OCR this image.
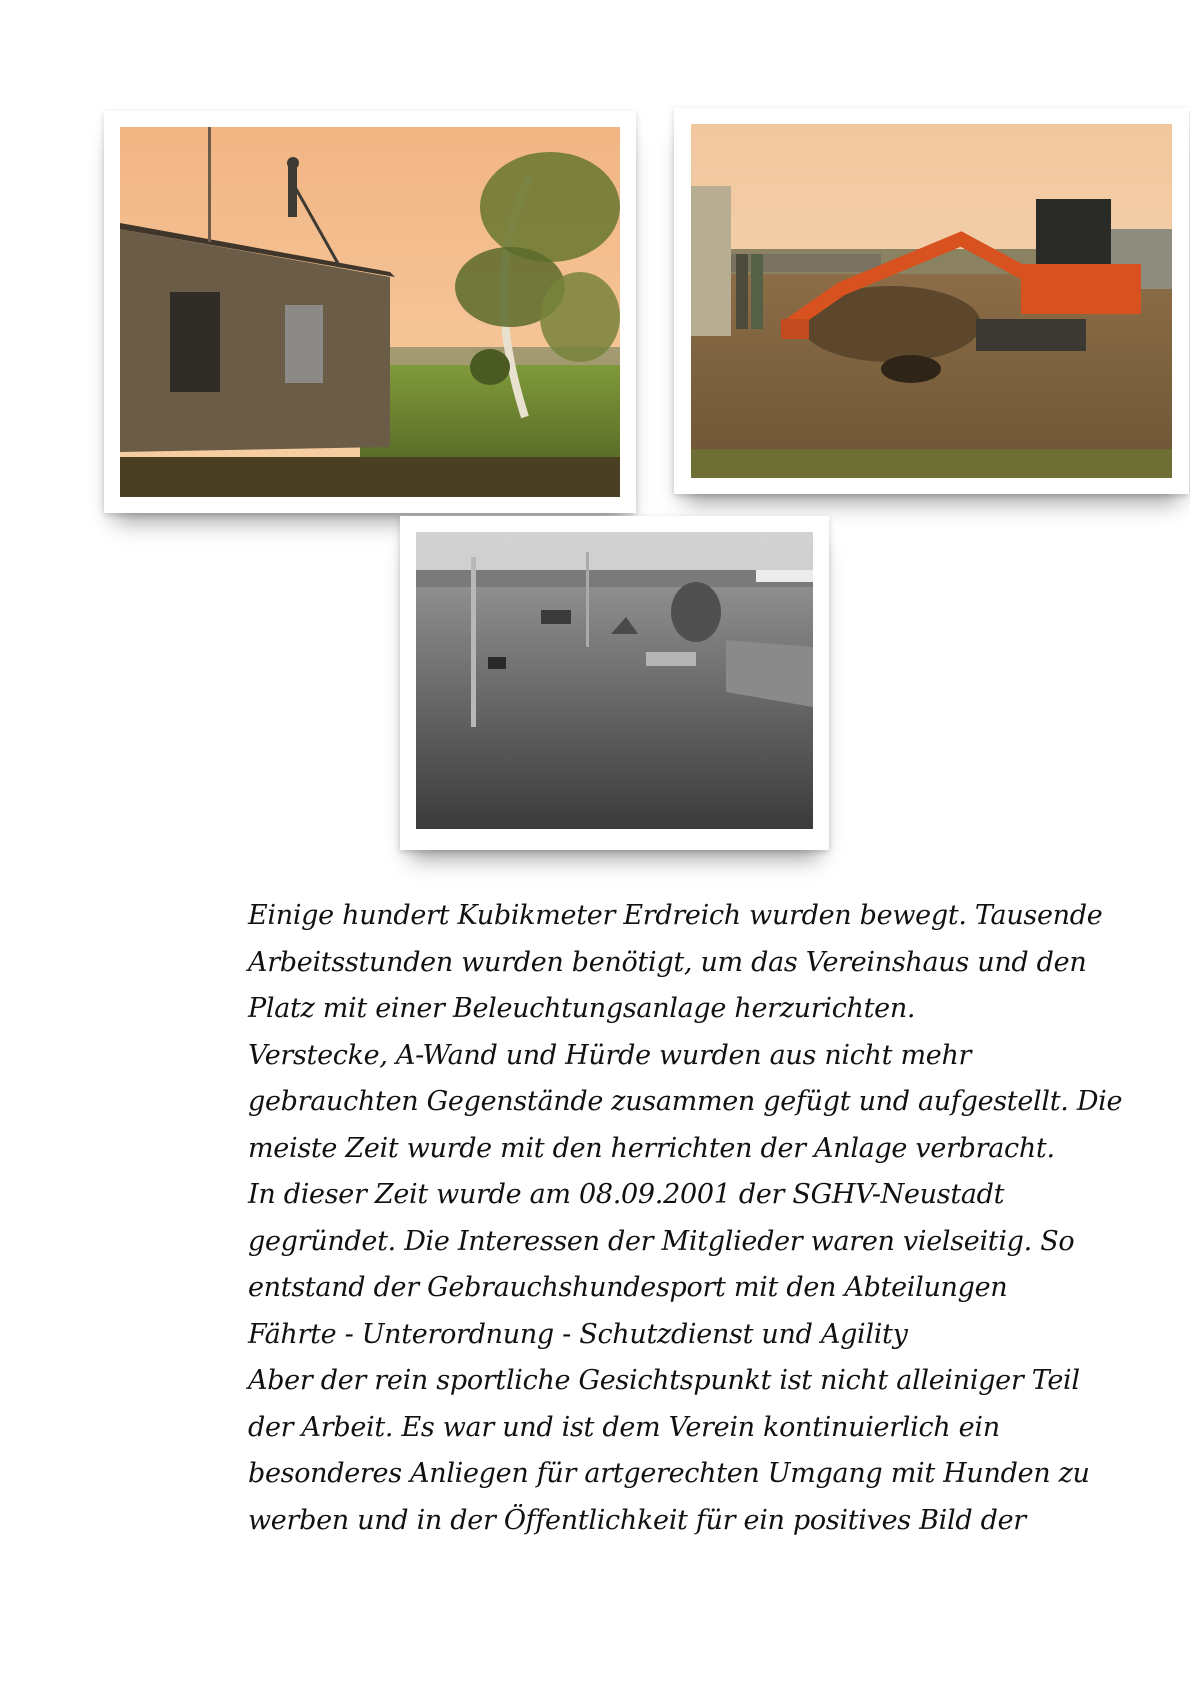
Einige hundert Kubikmeter Erdreich wurden bewegt. Tausende
Arbeitsstunden wurden benötigt, um das Vereinshaus und den
Platz mit einer Beleuchtungsanlage herzurichten.
Verstecke, A-Wand und Hürde wurden aus nicht mehr
gebrauchten Gegenstände zusammen gefügt und aufgestellt. Die
meiste Zeit wurde mit den herrichten der Anlage verbracht.
In dieser Zeit wurde am 08.09.2001 der SGHV-Neustadt
gegründet. Die Interessen der Mitglieder waren vielseitig. So
entstand der Gebrauchshundesport mit den Abteilungen
Fährte - Unterordnung - Schutzdienst und Agility
Aber der rein sportliche Gesichtspunkt ist nicht alleiniger Teil
der Arbeit. Es war und ist dem Verein kontinuierlich ein
besonderes Anliegen für artgerechten Umgang mit Hunden zu
werben und in der Öffentlichkeit für ein positives Bild der
